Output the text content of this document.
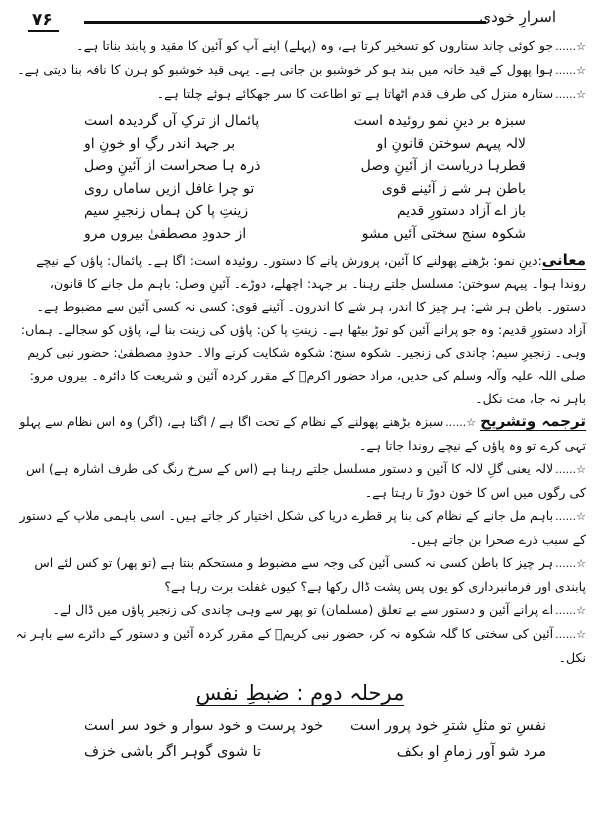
۷۶	اسرارِ خودی

☆......جو کوئی چاند ستاروں کو تسخیر کرتا ہے، وہ (پہلے) اپنے آپ کو آئین کا مقید و پابند بناتا ہے۔

☆......ہوا پھول کے قید خانہ میں بند ہو کر خوشبو بن جاتی ہے۔ یہی قید خوشبو کو ہرن کا نافہ بنا دیتی ہے۔

☆......ستارہ منزل کی طرف قدم اٹھاتا ہے تو اطاعت کا سر جھکائے ہوئے چلتا ہے۔

سبزہ بر دینِ نمو روئیدہ است
پائمال از ترکِ آں گردیدہ است
لالہ پیہم سوختن قانونِ او
بر جہد اندر رگِ او خونِ او
قطرہا دریاست از آئینِ وصل
ذرہ ہا صحراست از آئینِ وصل
باطن ہر شے ز آئینے قوی
تو چرا غافل ازیں ساماں روی
باز اے آزاد دستورِ قدیم
زینتِ پا کن ہماں زنجیرِ سیم
شکوہ سنج سختی آئیں مشو
از حدودِ مصطفیٰ بیروں مرو

معانی:دینِ نمو: بڑھنے پھولنے کا آئین، پرورش پانے کا دستور۔ روئیدہ است: اگا ہے۔ پائمال: پاؤں کے نیچے روندا ہوا۔ پیہم سوختن: مسلسل جلتے رہنا۔ بر جہد: اچھلے، دوڑے۔ آئینِ وصل: باہم مل جانے کا قانون، دستور۔ باطن ہر شے: ہر چیز کا اندر، ہر شے کا اندرون۔ آئینے قوی: کسی نہ کسی آئین سے مضبوط ہے۔ آزاد دستورِ قدیم: وہ جو پرانے آئین کو توڑ بیٹھا ہے۔ زینتِ پا کن: پاؤں کی زینت بنا لے، پاؤں کو سجالے۔ ہماں: وہی۔ زنجیرِ سیم: چاندی کی زنجیر۔ شکوہ سنج: شکوہ شکایت کرنے والا۔ حدودِ مصطفیٰ: حضور نبی کریم صلی اللہ علیہ وآلہ وسلم کی حدیں، مراد حضور اکرمؐ کے مقرر کردہ آئین و شریعت کا دائرہ۔ بیروں مرو: باہر نہ جا، مت نکل۔

ترجمہ وتشریح ☆......سبزہ بڑھنے پھولنے کے نظام کے تحت اگا ہے / اگتا ہے، (اگر) وہ اس نظام سے پہلو تہی کرے تو وہ پاؤں کے نیچے روندا جاتا ہے۔

☆......لالہ یعنی گلِ لالہ کا آئین و دستور مسلسل جلتے رہنا ہے (اس کے سرخ رنگ کی طرف اشارہ ہے) اس کی رگوں میں اس کا خون دوڑ تا رہتا ہے۔

☆......باہم مل جانے کے نظام کی بنا پر قطرے دریا کی شکل اختیار کر جاتے ہیں۔ اسی باہمی ملاپ کے دستور کے سبب ذرے صحرا بن جاتے ہیں۔

☆......ہر چیز کا باطن کسی نہ کسی آئین کی وجہ سے مضبوط و مستحکم بنتا ہے (تو پھر) تو کس لئے اس پابندی اور فرمانبرداری کو یوں پس پشت ڈال رکھا ہے؟ کیوں غفلت برت رہا ہے؟

☆......اے پرانے آئین و دستور سے بے تعلق (مسلمان) تو پھر سے وہی چاندی کی زنجیر پاؤں میں ڈال لے۔

☆......آئین کی سختی کا گلہ شکوہ نہ کر، حضور نبی کریمؐ کے مقرر کردہ آئین و دستور کے دائرے سے باہر نہ نکل۔

مرحلہ دوم : ضبطِ نفس
نفسِ تو مثلِ شترِ خود پرور است
خود پرست و خود سوار و خود سر است
مرد شو آور زمامِ او بکف
تا شوی گوہر اگر باشی خزف
